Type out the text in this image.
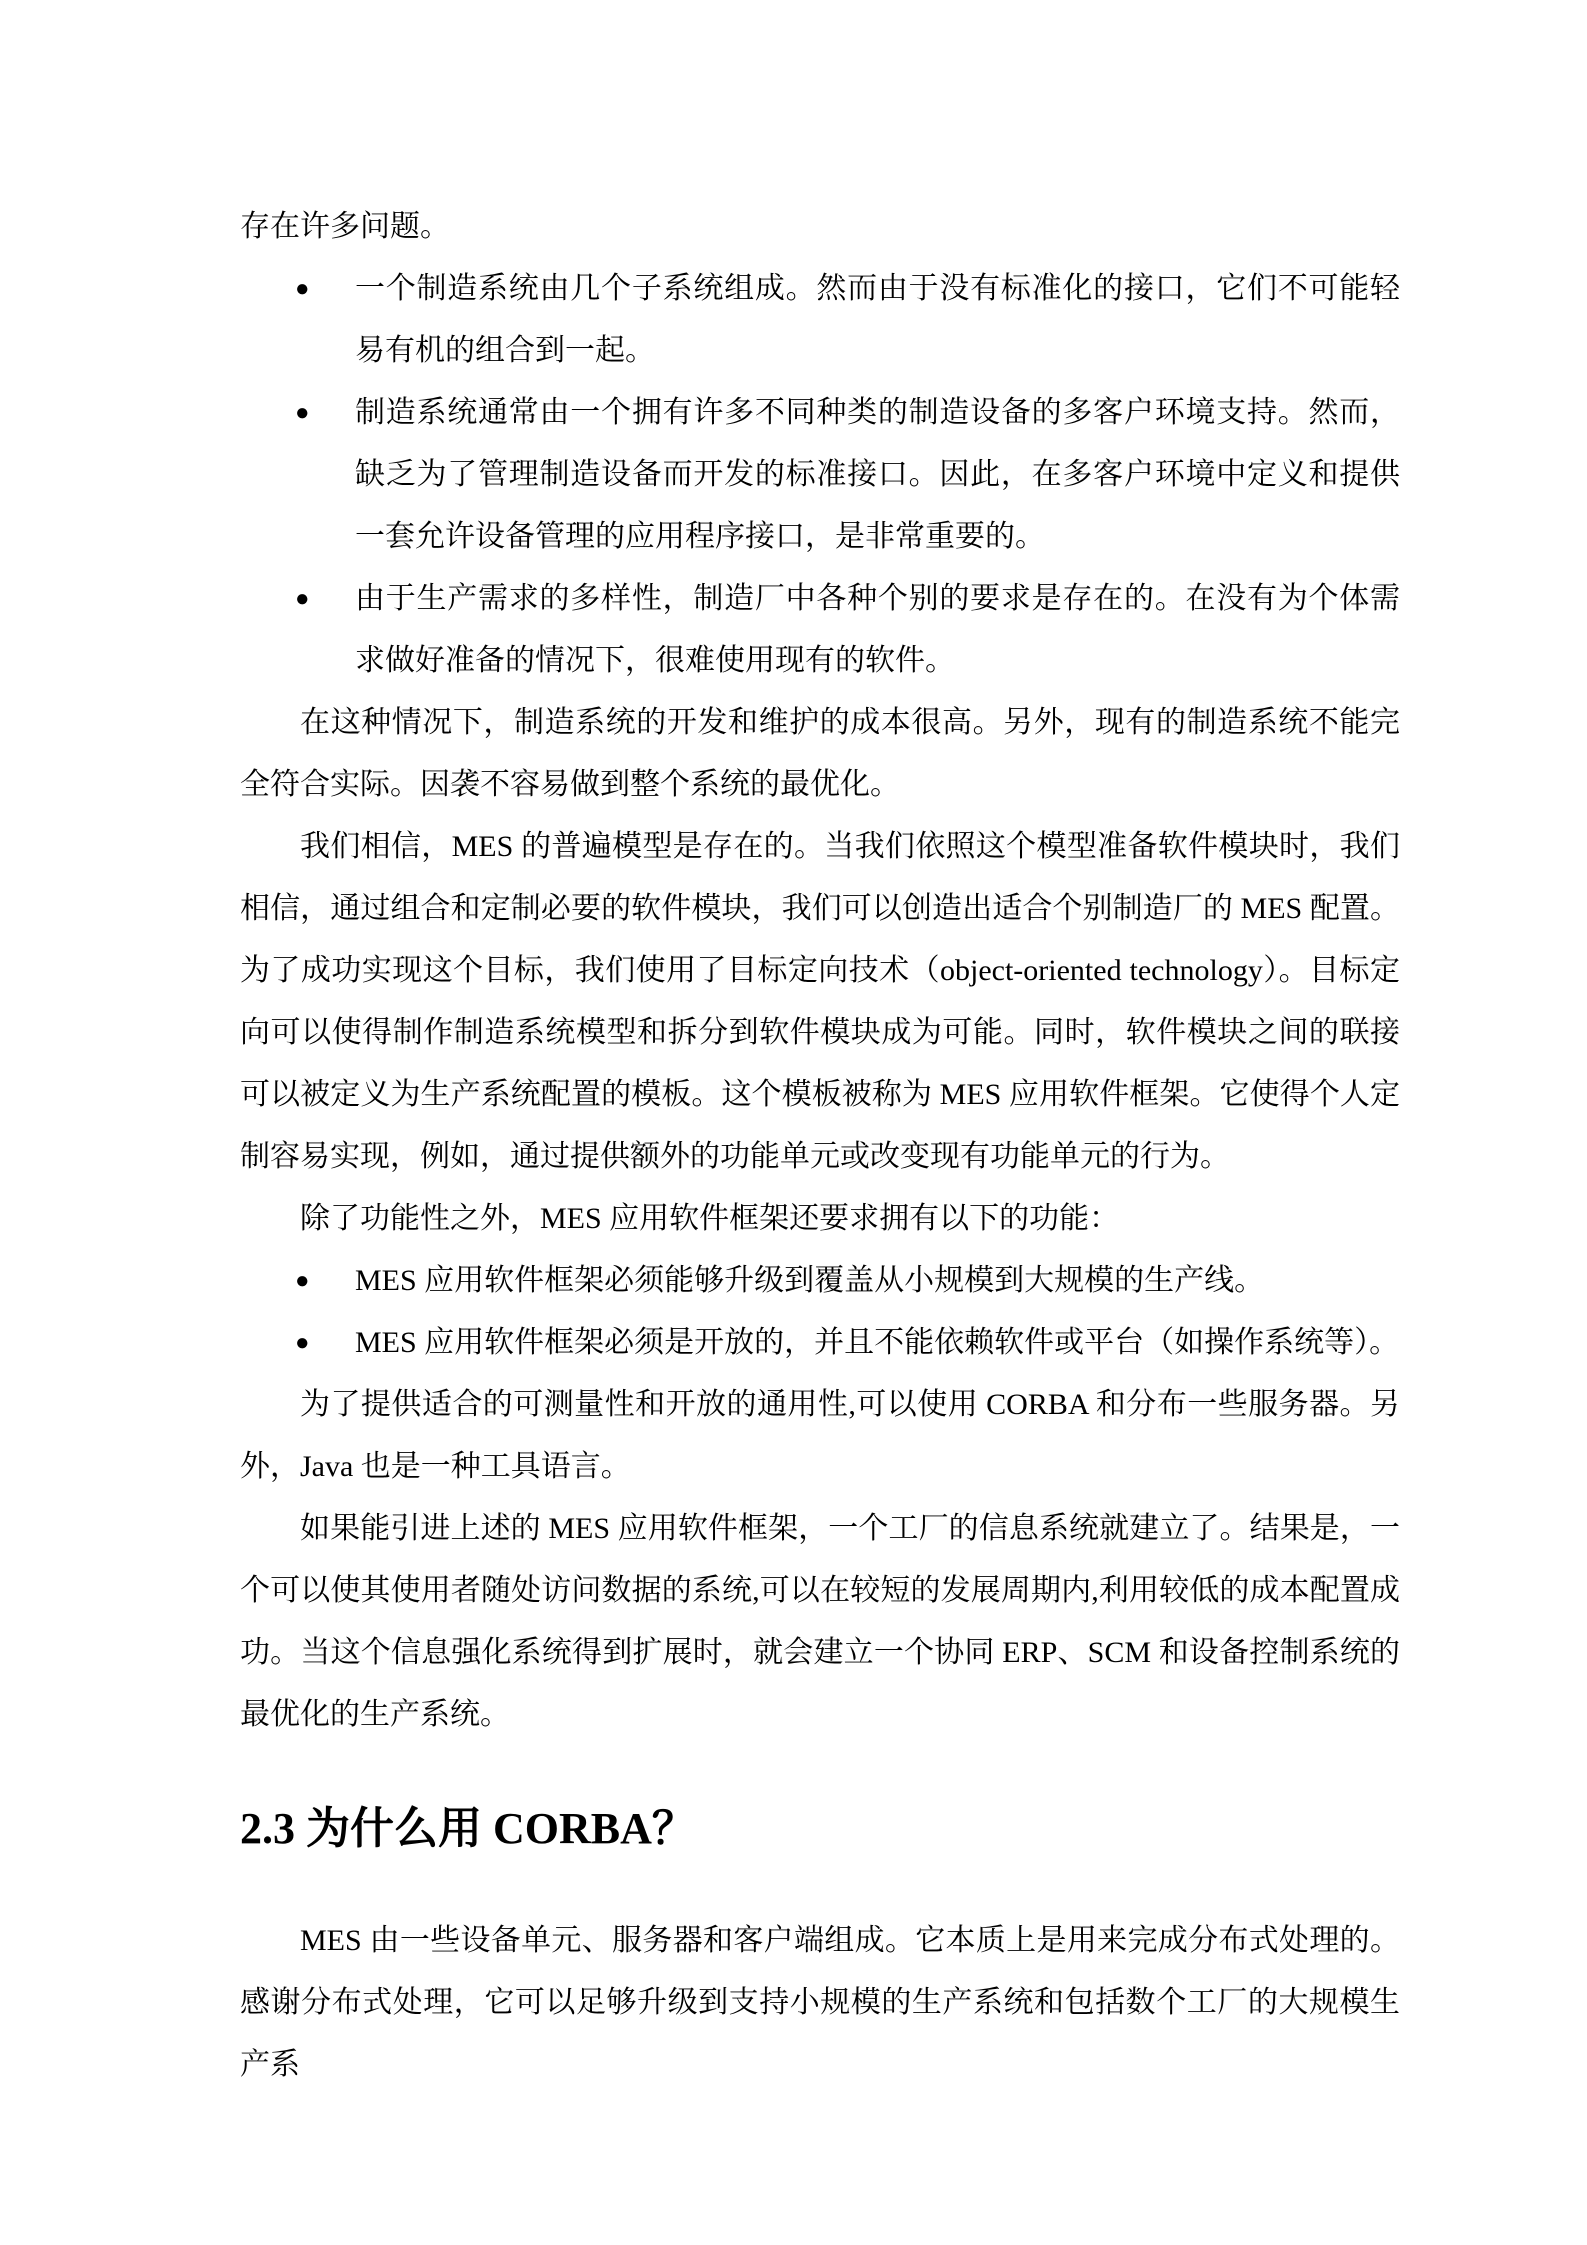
存在许多问题。

● 一个制造系统由几个子系统组成。然而由于没有标准化的接口，它们不可能轻易有机的组合到一起。
● 制造系统通常由一个拥有许多不同种类的制造设备的多客户环境支持。然而，缺乏为了管理制造设备而开发的标准接口。因此，在多客户环境中定义和提供一套允许设备管理的应用程序接口，是非常重要的。
● 由于生产需求的多样性，制造厂中各种个别的要求是存在的。在没有为个体需求做好准备的情况下，很难使用现有的软件。

在这种情况下，制造系统的开发和维护的成本很高。另外，现有的制造系统不能完全符合实际。因袭不容易做到整个系统的最优化。

我们相信，MES 的普遍模型是存在的。当我们依照这个模型准备软件模块时，我们相信，通过组合和定制必要的软件模块，我们可以创造出适合个别制造厂的 MES 配置。为了成功实现这个目标，我们使用了目标定向技术（object-oriented technology）。目标定向可以使得制作制造系统模型和拆分到软件模块成为可能。同时，软件模块之间的联接可以被定义为生产系统配置的模板。这个模板被称为 MES 应用软件框架。它使得个人定制容易实现，例如，通过提供额外的功能单元或改变现有功能单元的行为。

除了功能性之外，MES 应用软件框架还要求拥有以下的功能：

● MES 应用软件框架必须能够升级到覆盖从小规模到大规模的生产线。
● MES 应用软件框架必须是开放的，并且不能依赖软件或平台（如操作系统等）。

为了提供适合的可测量性和开放的通用性,可以使用 CORBA 和分布一些服务器。另外，Java 也是一种工具语言。

如果能引进上述的 MES 应用软件框架，一个工厂的信息系统就建立了。结果是，一个可以使其使用者随处访问数据的系统,可以在较短的发展周期内,利用较低的成本配置成功。当这个信息强化系统得到扩展时，就会建立一个协同 ERP、SCM 和设备控制系统的最优化的生产系统。

2.3 为什么用 CORBA？

MES 由一些设备单元、服务器和客户端组成。它本质上是用来完成分布式处理的。感谢分布式处理，它可以足够升级到支持小规模的生产系统和包括数个工厂的大规模生产系
